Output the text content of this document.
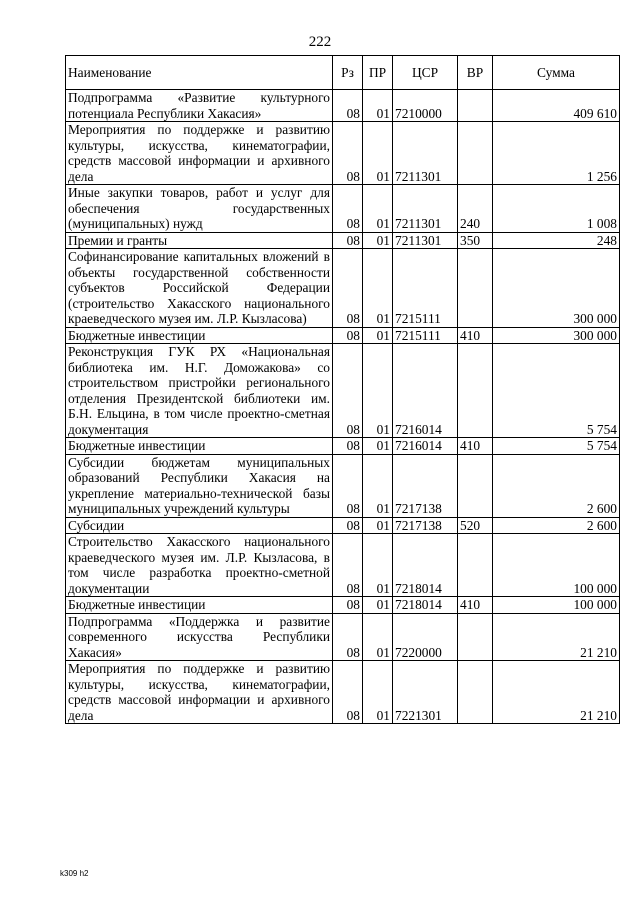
222
Наименование	Рз	ПР	ЦСР	ВР	Сумма
Подпрограмма «Развитие культурного потенциала Республики Хакасия»	08	01	7210000		409 610
Мероприятия по поддержке и развитию культуры, искусства, кинематографии, средств массовой информации и архивного дела	08	01	7211301		1 256
Иные закупки товаров, работ и услуг для обеспечения государственных (муниципальных) нужд	08	01	7211301	240	1 008
Премии и гранты	08	01	7211301	350	248
Софинансирование капитальных вложений в объекты государственной собственности субъектов Российской Федерации (строительство Хакасского национального краеведческого музея им. Л.Р. Кызласова)	08	01	7215111		300 000
Бюджетные инвестиции	08	01	7215111	410	300 000
Реконструкция ГУК РХ «Национальная библиотека им. Н.Г. Доможакова» со строительством пристройки регионального отделения Президентской библиотеки им. Б.Н. Ельцина, в том числе проектно-сметная документация	08	01	7216014		5 754
Бюджетные инвестиции	08	01	7216014	410	5 754
Субсидии бюджетам муниципальных образований Республики Хакасия на укрепление материально-технической базы муниципальных учреждений культуры	08	01	7217138		2 600
Субсидии	08	01	7217138	520	2 600
Строительство Хакасского национального краеведческого музея им. Л.Р. Кызласова, в том числе разработка проектно-сметной документации	08	01	7218014		100 000
Бюджетные инвестиции	08	01	7218014	410	100 000
Подпрограмма «Поддержка и развитие современного искусства Республики Хакасия»	08	01	7220000		21 210
Мероприятия по поддержке и развитию культуры, искусства, кинематографии, средств массовой информации и архивного дела	08	01	7221301		21 210
k309 h2
